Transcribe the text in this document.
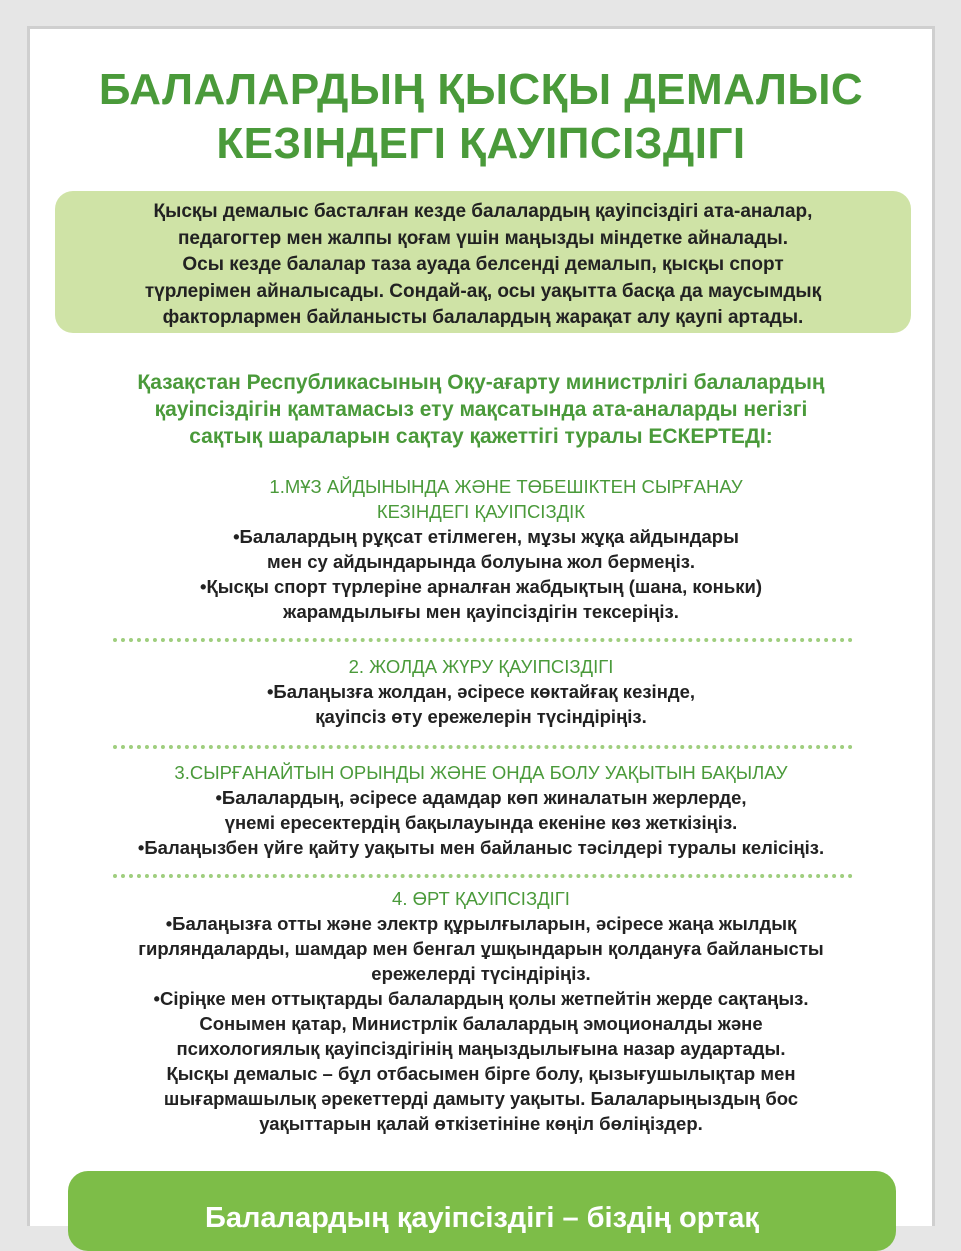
БАЛАЛАРДЫҢ ҚЫСҚЫ ДЕМАЛЫС
КЕЗІНДЕГІ ҚАУІПСІЗДІГІ
Қысқы демалыс басталған кезде балалардың қауіпсіздігі ата-аналар,
педагогтер мен жалпы қоғам үшін маңызды міндетке айналады.
Осы кезде балалар таза ауада белсенді демалып, қысқы спорт
түрлерімен айналысады. Сондай-ақ, осы уақытта басқа да маусымдық
факторлармен байланысты балалардың жарақат алу қаупі артады.
Қазақстан Республикасының Оқу-ағарту министрлігі балалардың
қауіпсіздігін қамтамасыз ету мақсатында ата-аналарды негізгі
сақтық шараларын сақтау қажеттігі туралы ЕСКЕРТЕДІ:
1.МҰЗ АЙДЫНЫНДА ЖӘНЕ ТӨБЕШІКТЕН СЫРҒАНАУ
КЕЗІНДЕГІ ҚАУІПСІЗДІК
•Балалардың рұқсат етілмеген, мұзы жұқа айдындары
мен су айдындарында болуына жол бермеңіз.
•Қысқы спорт түрлеріне арналған жабдықтың (шана, коньки)
жарамдылығы мен қауіпсіздігін тексеріңіз.
2. ЖОЛДА ЖҮРУ ҚАУІПСІЗДІГІ
•Балаңызға жолдан, әсіресе көктайғақ кезінде,
қауіпсіз өту ережелерін түсіндіріңіз.
3.СЫРҒАНАЙТЫН ОРЫНДЫ ЖӘНЕ ОНДА БОЛУ УАҚЫТЫН БАҚЫЛАУ
•Балалардың, әсіресе адамдар көп жиналатын жерлерде,
үнемі ересектердің бақылауында екеніне көз жеткізіңіз.
•Балаңызбен үйге қайту уақыты мен байланыс тәсілдері туралы келісіңіз.
4. ӨРТ ҚАУІПСІЗДІГІ
•Балаңызға отты және электр құрылғыларын, әсіресе жаңа жылдық
гирляндаларды, шамдар мен бенгал ұшқындарын қолдануға байланысты
ережелерді түсіндіріңіз.
•Сіріңке мен оттықтарды балалардың қолы жетпейтін жерде сақтаңыз.
Сонымен қатар, Министрлік балалардың эмоционалды және
психологиялық қауіпсіздігінің маңыздылығына назар аудартады.
Қысқы демалыс – бұл отбасымен бірге болу, қызығушылықтар мен
шығармашылық әрекеттерді дамыту уақыты. Балаларыңыздың бос
уақыттарын қалай өткізетініне көңіл бөліңіздер.
Балалардың қауіпсіздігі – біздің ортақ
